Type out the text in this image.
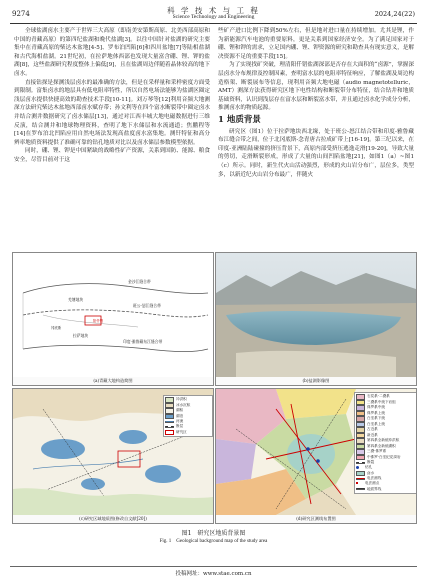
9274	科 学 技 术 与 工 程
Science Technology and Engineering	2024,24(22)

全球盐湖卤水主要产于世界三大高原（即南美安第斯高原、北美西部高原和中国的青藏高原）的第四纪盐湖和晚代盐湖[3]。以往中国针对盐湖的研究主要集中在青藏高原的柴达木盆地[4-5]、罗布泊凹陷[6]和四川盆地[7]等陆相盐湖和古代海相盐湖。21世纪初，在拉萨地体西部也发现大量富含硼、锂、钾的盐湖[8]，这些盐湖研究程度整体上偏低[9]，且在盐湖周边伴随着晶体较高的地下卤水。

直接钻探是探测浅层卤水的最准确的方法，但是在采样量和采样密度方面受到限制。富集卤水的地层具有低电阻率特性，所以自然电场法能够为盐湖区圈定浅层卤水提供快捷高效的勘查技术手段[10-11]。刘万琴等[12]利用音频大地测深方法研究柴达木盆地西部卤水赋存带；孙文利等在四个富水断裂带中圈定卤水并结合测井数据研究了卤水储层[13]，通过对江西丰城大地电磁数据进行三维反演，结合测井和地球物理资料，查明了地下水储层和水流通道；焦鹏程等[14]在罗布泊北凹陷应用自然电场法发现高盐度卤水富集地。测钎特征和高分辨率地质资料提供了准确可靠的钻孔地质对比以及卤水储层参数模型依据。

同时，硼、锂、钾是中国紧缺的战略性矿产资源，关系到国防、能源、粮食安全，尽管目前对于这

些矿产进口比例下降到50%左右，但是地对进口量在持续增加。尤其是锂，作为新能源汽车电池的重要原料，更是关系到国家经济安全。为了满足国家对于硼、锂和钾的需求，立足国内硼、锂、钾资源的研究和勘查具有现实意义，是解决资源不足的重要手段[15]。

为了实现找矿突破，理清阳仟错盐湖深部是否存在大面积的“卤源”，掌握深层卤水分布规律及控制因素，查明富水层的电阻率特征响应，了解盐湖及周边构造格架、断裂展布等信息，现利用音频大地电磁（audio magnetotelluric，AMT）测深方法获得研究区地下电性结构和断裂带分布特征，结合钻井和地质基础资料，认识到浅层存在富水层和断裂富水带，并且通过卤水化学成分分析，推测卤水的物质起源。

1 地质背景

研究区（图1）位于拉萨地块西北缘，处于班公-怒江结合带和印度-雅鲁藏布江缝合带之间，位于北冈底斯-念青唐古拉成矿带上[16-19]。第三纪以来，在印度-亚洲陆陆碰撞的挤压背景下，高原内部受挤压逃逸走滑[19-20]，导致大量的剪切，走滑断裂形成，形成了大量的山间凹陷盆地[21]，如图1（a）~图1（c）所示。同时，新生代火山活动强烈，形成的火山岩分布广，层位多，类型多，以新近纪火山岩分布最广，伴随火

金沙江缝合带
班公-怒江缝合带
印度-雅鲁藏布江缝合带
拉萨地块
羌塘地块
阳仟错
冈底斯
(a)青藏大地构造简图	(b)盐湖影像图
冲洪积
冰水沉积
湖积
湖泊
河流
断层
研究区
(c)研究区域地质图(修改自文献[20])
石炭系-二叠系
三叠系中统下岩组
侏罗系中统
侏罗系上统
白垩系下统
白垩系上统
古近系
新近系
第四系全新统冲洪积
第四系全新统湖积
三叠-侏罗系
中侏罗-白垩纪花岗岩
断裂
钻孔
卤水
电法测线
电法测点
地质界线
(d)研究区测线布置图
图1　研究区地质背景图
Fig. 1　Geological background map of the study area
投稿网址：www.stae.com.cn
